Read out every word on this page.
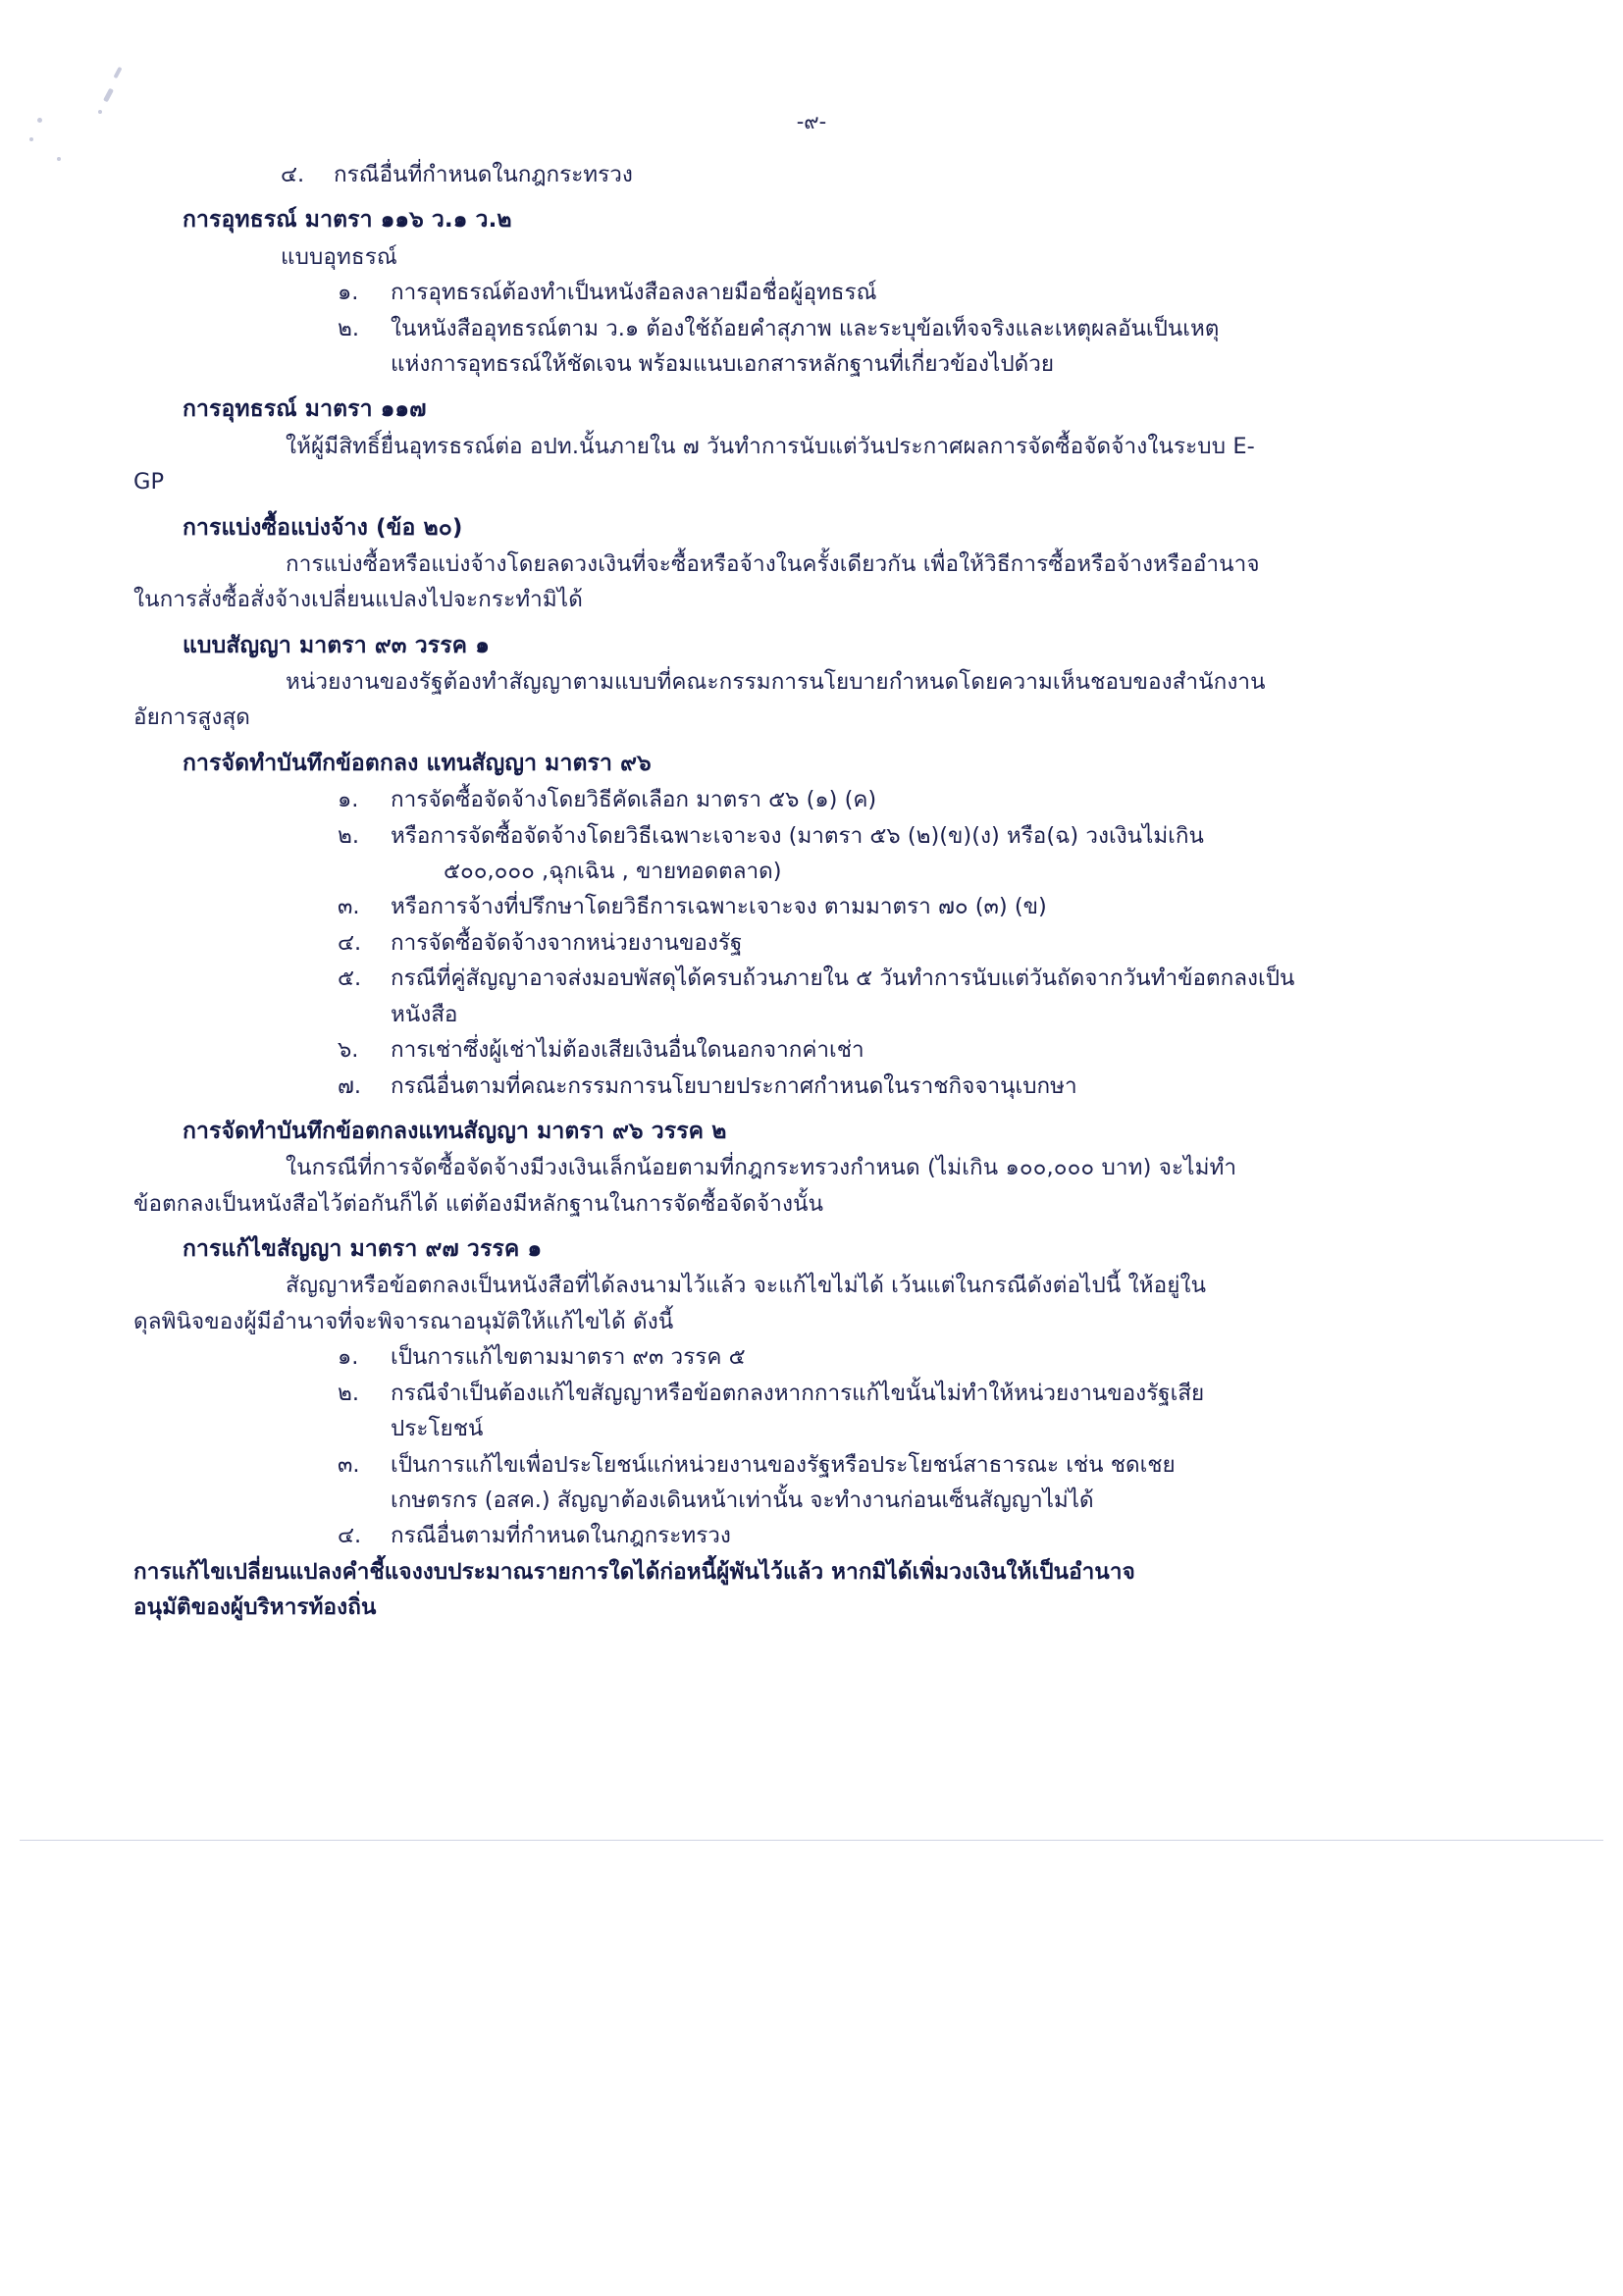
-๙-
๔.	กรณีอื่นที่กำหนดในกฎกระทรวง
การอุทธรณ์ มาตรา ๑๑๖ ว.๑ ว.๒
แบบอุทธรณ์
๑.	การอุทธรณ์ต้องทำเป็นหนังสือลงลายมือชื่อผู้อุทธรณ์
๒.	ในหนังสืออุทธรณ์ตาม ว.๑ ต้องใช้ถ้อยคำสุภาพ และระบุข้อเท็จจริงและเหตุผลอันเป็นเหตุ
แห่งการอุทธรณ์ให้ชัดเจน พร้อมแนบเอกสารหลักฐานที่เกี่ยวข้องไปด้วย
การอุทธรณ์ มาตรา ๑๑๗
ให้ผู้มีสิทธิ์ยื่นอุทรธรณ์ต่อ อปท.นั้นภายใน ๗ วันทำการนับแต่วันประกาศผลการจัดซื้อจัดจ้างในระบบ E-
GP
การแบ่งซื้อแบ่งจ้าง (ข้อ ๒๐)
การแบ่งซื้อหรือแบ่งจ้างโดยลดวงเงินที่จะซื้อหรือจ้างในครั้งเดียวกัน เพื่อให้วิธีการซื้อหรือจ้างหรืออำนาจ
ในการสั่งซื้อสั่งจ้างเปลี่ยนแปลงไปจะกระทำมิได้
แบบสัญญา มาตรา ๙๓ วรรค ๑
หน่วยงานของรัฐต้องทำสัญญาตามแบบที่คณะกรรมการนโยบายกำหนดโดยความเห็นชอบของสำนักงาน
อัยการสูงสุด
การจัดทำบันทึกข้อตกลง แทนสัญญา มาตรา ๙๖
๑.	การจัดซื้อจัดจ้างโดยวิธีคัดเลือก มาตรา ๕๖ (๑) (ค)
๒.	หรือการจัดซื้อจัดจ้างโดยวิธีเฉพาะเจาะจง (มาตรา ๕๖ (๒)(ข)(ง) หรือ(ฉ) วงเงินไม่เกิน
๕๐๐,๐๐๐ ,ฉุกเฉิน , ขายทอดตลาด)
๓.	หรือการจ้างที่ปรึกษาโดยวิธีการเฉพาะเจาะจง ตามมาตรา ๗๐ (๓) (ข)
๔.	การจัดซื้อจัดจ้างจากหน่วยงานของรัฐ
๕.	กรณีที่คู่สัญญาอาจส่งมอบพัสดุได้ครบถ้วนภายใน ๕ วันทำการนับแต่วันถัดจากวันทำข้อตกลงเป็น
หนังสือ
๖.	การเช่าซึ่งผู้เช่าไม่ต้องเสียเงินอื่นใดนอกจากค่าเช่า
๗.	กรณีอื่นตามที่คณะกรรมการนโยบายประกาศกำหนดในราชกิจจานุเบกษา
การจัดทำบันทึกข้อตกลงแทนสัญญา มาตรา ๙๖ วรรค ๒
ในกรณีที่การจัดซื้อจัดจ้างมีวงเงินเล็กน้อยตามที่กฎกระทรวงกำหนด (ไม่เกิน ๑๐๐,๐๐๐ บาท) จะไม่ทำ
ข้อตกลงเป็นหนังสือไว้ต่อกันก็ได้ แต่ต้องมีหลักฐานในการจัดซื้อจัดจ้างนั้น
การแก้ไขสัญญา มาตรา ๙๗ วรรค ๑
สัญญาหรือข้อตกลงเป็นหนังสือที่ได้ลงนามไว้แล้ว จะแก้ไขไม่ได้ เว้นแต่ในกรณีดังต่อไปนี้ ให้อยู่ใน
ดุลพินิจของผู้มีอำนาจที่จะพิจารณาอนุมัติให้แก้ไขได้ ดังนี้
๑.	เป็นการแก้ไขตามมาตรา ๙๓ วรรค ๕
๒.	กรณีจำเป็นต้องแก้ไขสัญญาหรือข้อตกลงหากการแก้ไขนั้นไม่ทำให้หน่วยงานของรัฐเสีย
ประโยชน์
๓.	เป็นการแก้ไขเพื่อประโยชน์แก่หน่วยงานของรัฐหรือประโยชน์สาธารณะ เช่น ชดเชย
เกษตรกร (อสค.) สัญญาต้องเดินหน้าเท่านั้น จะทำงานก่อนเซ็นสัญญาไม่ได้
๔.	กรณีอื่นตามที่กำหนดในกฎกระทรวง
การแก้ไขเปลี่ยนแปลงคำชี้แจงงบประมาณรายการใดได้ก่อหนี้ผู้พันไว้แล้ว หากมิได้เพิ่มวงเงินให้เป็นอำนาจ
อนุมัติของผู้บริหารท้องถิ่น
